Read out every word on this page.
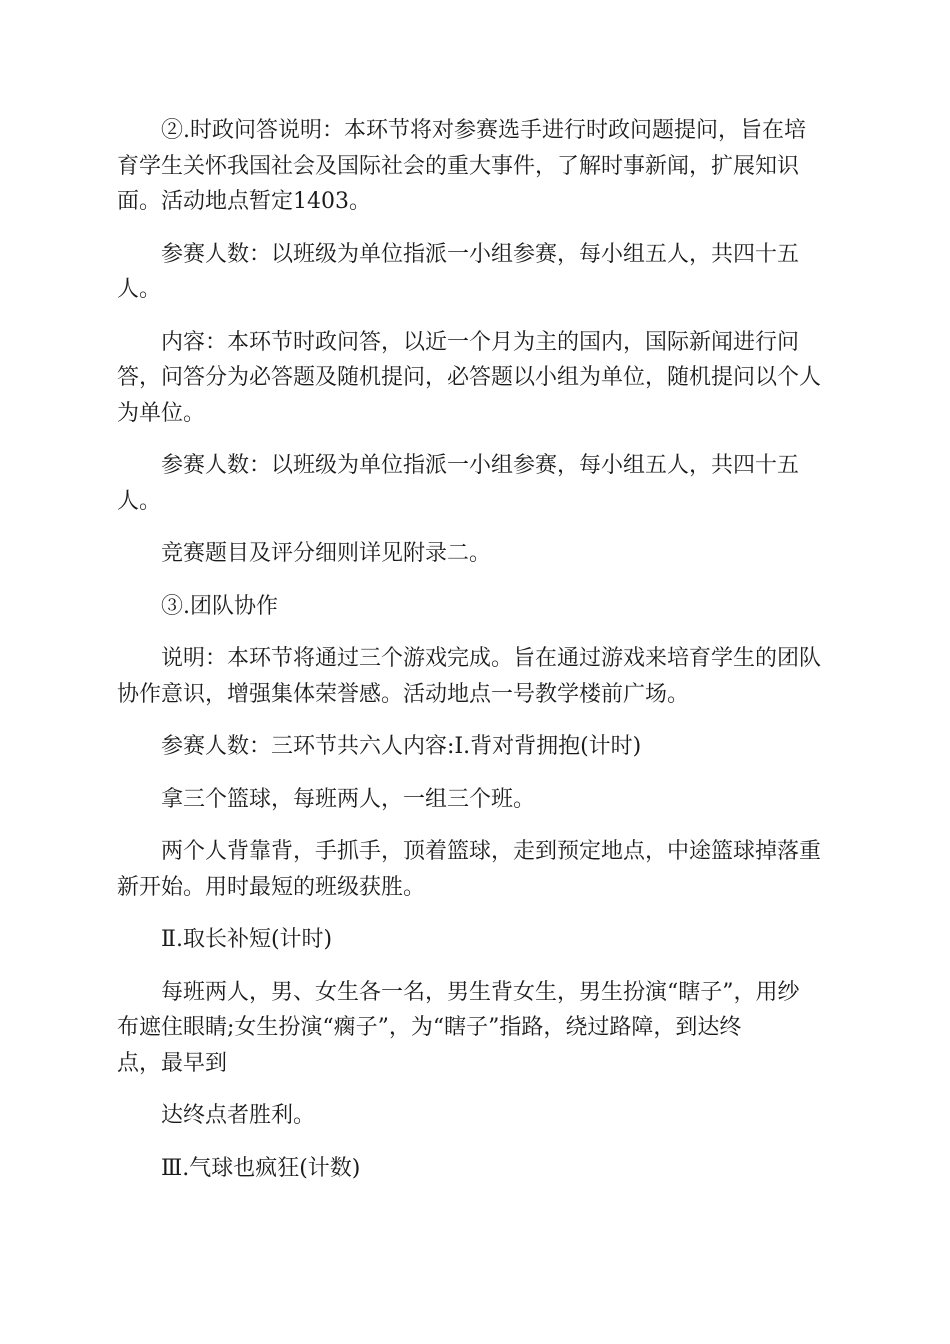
②.时政问答说明：本环节将对参赛选手进行时政问题提问，旨在培
育学生关怀我国社会及国际社会的重大事件，了解时事新闻，扩展知识
面。活动地点暂定1403。

参赛人数：以班级为单位指派一小组参赛，每小组五人，共四十五
人。

内容：本环节时政问答，以近一个月为主的国内，国际新闻进行问
答，问答分为必答题及随机提问，必答题以小组为单位，随机提问以个人
为单位。

参赛人数：以班级为单位指派一小组参赛，每小组五人，共四十五
人。

竞赛题目及评分细则详见附录二。

③.团队协作

说明：本环节将通过三个游戏完成。旨在通过游戏来培育学生的团队
协作意识，增强集体荣誉感。活动地点一号教学楼前广场。

参赛人数：三环节共六人内容:Ⅰ.背对背拥抱(计时)

拿三个篮球，每班两人，一组三个班。

两个人背靠背，手抓手，顶着篮球，走到预定地点，中途篮球掉落重
新开始。用时最短的班级获胜。

Ⅱ.取长补短(计时)

每班两人，男、女生各一名，男生背女生，男生扮演“瞎子”，用纱
布遮住眼睛;女生扮演“瘸子”，为“瞎子”指路，绕过路障，到达终
点，最早到

达终点者胜利。

Ⅲ.气球也疯狂(计数)
